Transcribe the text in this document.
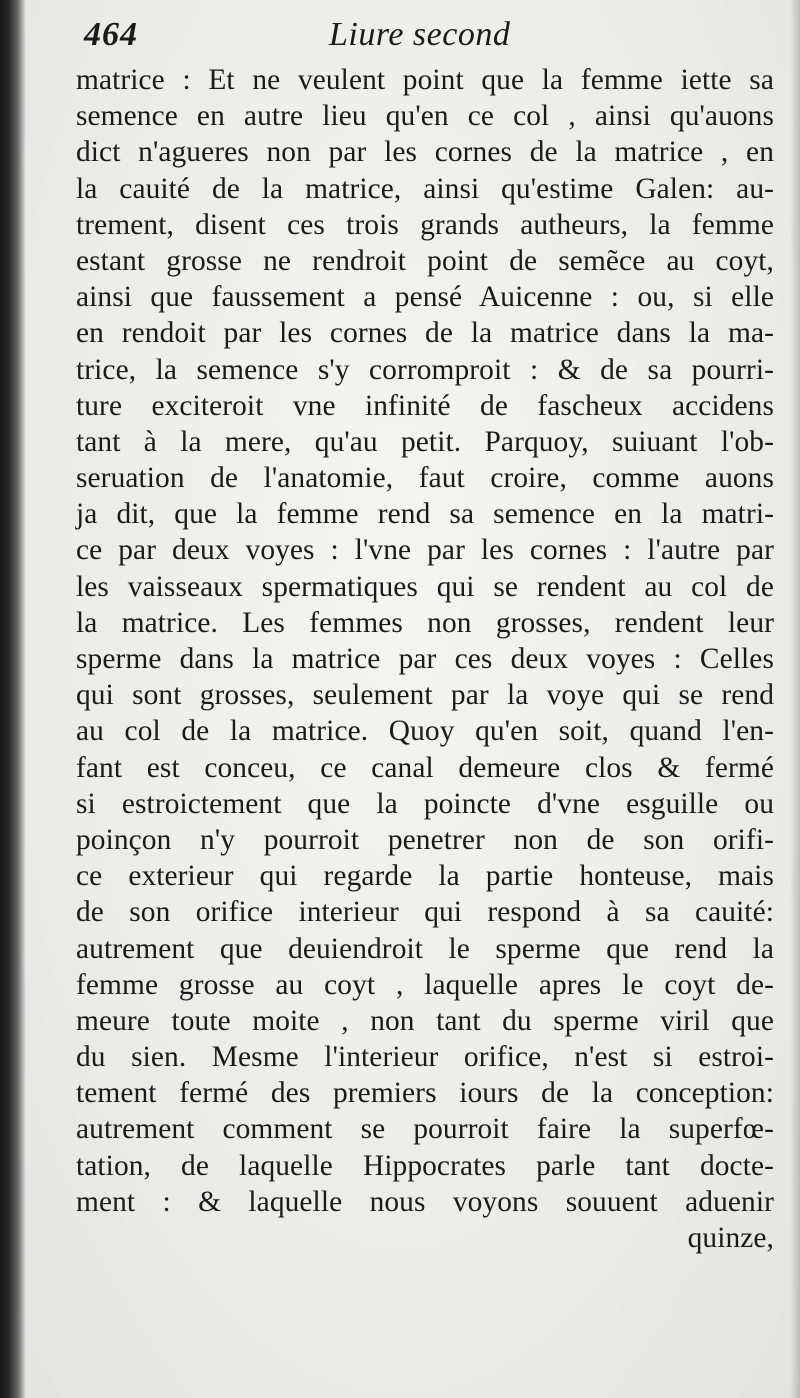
464	Liure second
matrice : Et ne veulent point que la femme iette sa
semence en autre lieu qu'en ce col , ainsi qu'auons
dict n'agueres non par les cornes de la matrice , en
la cauité de la matrice, ainsi qu'estime Galen: au-
trement, disent ces trois grands autheurs, la femme
estant grosse ne rendroit point de semẽce au coyt,
ainsi que faussement a pensé Auicenne : ou, si elle
en rendoit par les cornes de la matrice dans la ma-
trice, la semence s'y corromproit : & de sa pourri-
ture exciteroit vne infinité de fascheux accidens
tant à la mere, qu'au petit. Parquoy, suiuant l'ob-
seruation de l'anatomie, faut croire, comme auons
ja dit, que la femme rend sa semence en la matri-
ce par deux voyes : l'vne par les cornes : l'autre par
les vaisseaux spermatiques qui se rendent au col de
la matrice. Les femmes non grosses, rendent leur
sperme dans la matrice par ces deux voyes : Celles
qui sont grosses, seulement par la voye qui se rend
au col de la matrice. Quoy qu'en soit, quand l'en-
fant est conceu, ce canal demeure clos & fermé
si estroictement que la poincte d'vne esguille ou
poinçon n'y pourroit penetrer non de son orifi-
ce exterieur qui regarde la partie honteuse, mais
de son orifice interieur qui respond à sa cauité:
autrement que deuiendroit le sperme que rend la
femme grosse au coyt , laquelle apres le coyt de-
meure toute moite , non tant du sperme viril que
du sien. Mesme l'interieur orifice, n'est si estroi-
tement fermé des premiers iours de la conception:
autrement comment se pourroit faire la superfœ-
tation, de laquelle Hippocrates parle tant docte-
ment : & laquelle nous voyons souuent aduenir
quinze,
